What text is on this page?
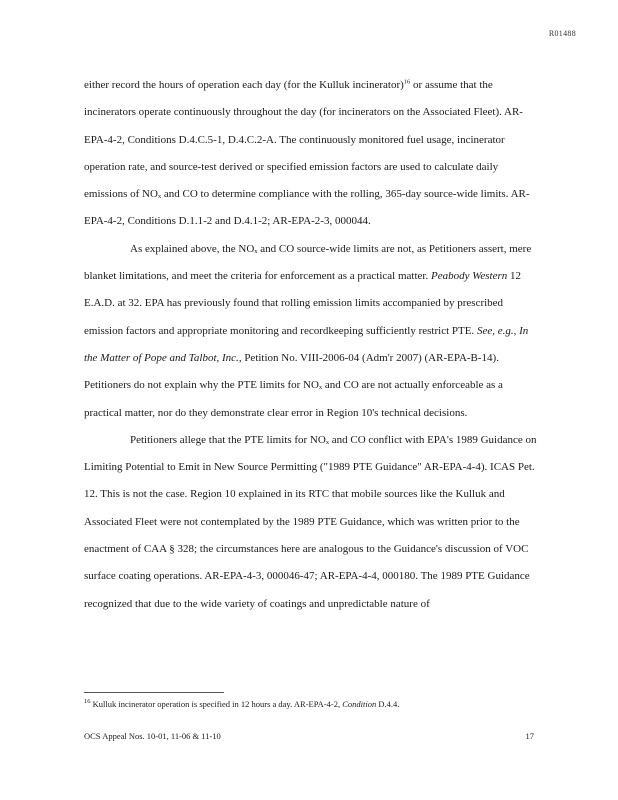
R01488

either record the hours of operation each day (for the Kulluk incinerator)$^{16}$ or assume that the incinerators operate continuously throughout the day (for incinerators on the Associated Fleet). AR-EPA-4-2, Conditions D.4.C.5-1, D.4.C.2-A. The continuously monitored fuel usage, incinerator operation rate, and source-test derived or specified emission factors are used to calculate daily emissions of NOₓ and CO to determine compliance with the rolling, 365-day source-wide limits. AR-EPA-4-2, Conditions D.1.1-2 and D.4.1-2; AR-EPA-2-3, 000044.

As explained above, the NOₓ and CO source-wide limits are not, as Petitioners assert, mere blanket limitations, and meet the criteria for enforcement as a practical matter. Peabody Western 12 E.A.D. at 32. EPA has previously found that rolling emission limits accompanied by prescribed emission factors and appropriate monitoring and recordkeeping sufficiently restrict PTE. See, e.g., In the Matter of Pope and Talbot, Inc., Petition No. VIII-2006-04 (Adm'r 2007) (AR-EPA-B-14). Petitioners do not explain why the PTE limits for NOₓ and CO are not actually enforceable as a practical matter, nor do they demonstrate clear error in Region 10's technical decisions.

Petitioners allege that the PTE limits for NOₓ and CO conflict with EPA's 1989 Guidance on Limiting Potential to Emit in New Source Permitting ("1989 PTE Guidance" AR-EPA-4-4). ICAS Pet. 12. This is not the case. Region 10 explained in its RTC that mobile sources like the Kulluk and Associated Fleet were not contemplated by the 1989 PTE Guidance, which was written prior to the enactment of CAA § 328; the circumstances here are analogous to the Guidance's discussion of VOC surface coating operations. AR-EPA-4-3, 000046-47; AR-EPA-4-4, 000180. The 1989 PTE Guidance recognized that due to the wide variety of coatings and unpredictable nature of

$^{16}$ Kulluk incinerator operation is specified in 12 hours a day. AR-EPA-4-2, Condition D.4.4.
OCS Appeal Nos. 10-01, 11-06 & 11-10	17
